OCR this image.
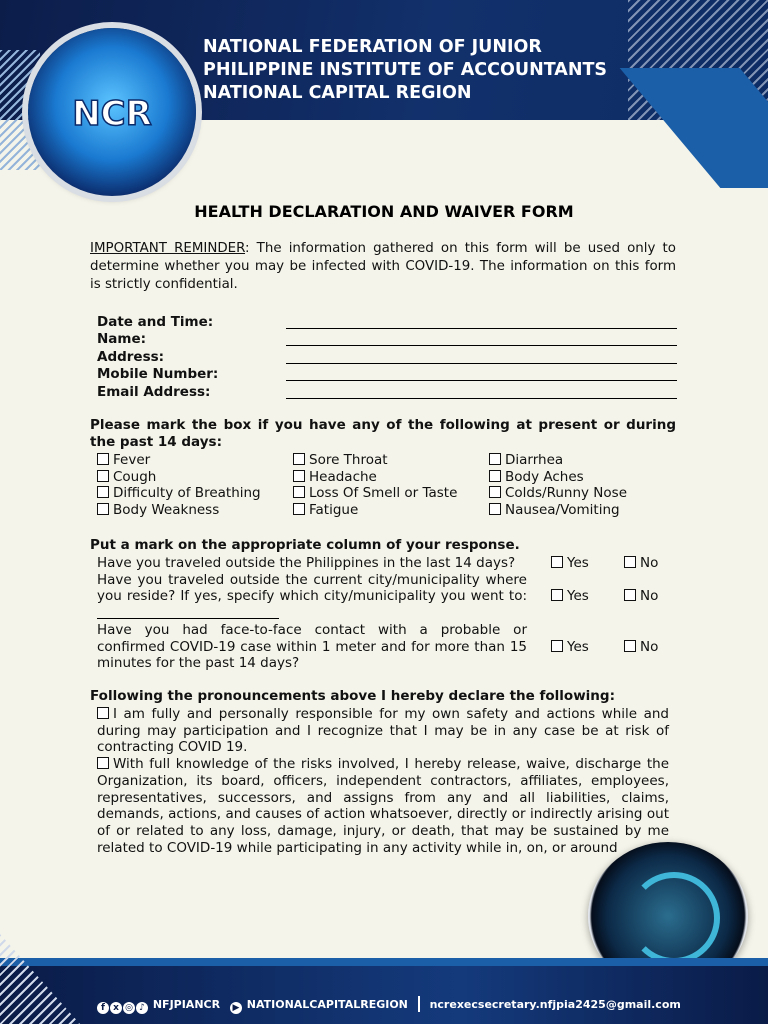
NCR
NATIONAL FEDERATION OF JUNIOR
PHILIPPINE INSTITUTE OF ACCOUNTANTS
NATIONAL CAPITAL REGION
HEALTH DECLARATION AND WAIVER FORM
IMPORTANT REMINDER: The information gathered on this form will be used only to determine whether you may be infected with COVID-19. The information on this form is strictly confidential.
Date and Time:
Name:
Address:
Mobile Number:
Email Address:
Please mark the box if you have any of the following at present or during the past 14 days:
Fever	Sore Throat	Diarrhea
Cough	Headache	Body Aches
Difficulty of Breathing	Loss Of Smell or Taste	Colds/Runny Nose
Body Weakness	Fatigue	Nausea/Vomiting
Put a mark on the appropriate column of your response.
Have you traveled outside the Philippines in the last 14 days?	Yes	No
Have you traveled outside the current city/municipality where you reside? If yes, specify which city/municipality you went to:	Yes	No
Have you had face-to-face contact with a probable or confirmed COVID-19 case within 1 meter and for more than 15 minutes for the past 14 days?
Yes	No
Following the pronouncements above I hereby declare the following:
I am fully and personally responsible for my own safety and actions while and during may participation and I recognize that I may be in any case be at risk of contracting COVID 19.
With full knowledge of the risks involved, I hereby release, waive, discharge the Organization, its board, officers, independent contractors, affiliates, employees, representatives, successors, and assigns from any and all liabilities, claims, demands, actions, and causes of action whatsoever, directly or indirectly arising out of or related to any loss, damage, injury, or death, that may be sustained by me related to COVID-19 while participating in any activity while in, on, or around
f x ◎ ♪ NFJPIANCR ▶ NATIONALCAPITALREGION ncrexecsecretary.nfjpia2425@gmail.com
